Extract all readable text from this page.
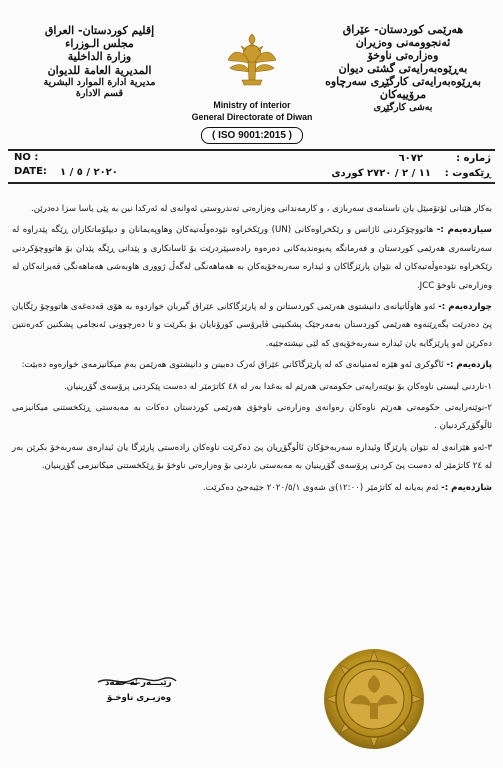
هەرێمی کوردستان- عێراق
ئەنجوومەنی وەزیران
وەزارەتی ناوخۆ
بەڕێوەبەرایەتی گشتی دیوان
بەڕێوەبەرایەتی کارگێڕی سەرچاوە مرۆییەکان
بەشی کارگێڕی
إقليم كوردستان- العراق
مجلس الـوزراء
وزارة الداخلية
المديرية العامة للديوان
مديرية ادارة الموارد البشرية
قسم الادارة
Ministry of interior
General Directorate of Diwan
( ISO 9001:2015 )
NO :	٦٠٧٢	ژمارە :
DATE: ٢٠٢٠ / ٥ / ١	١١ / ٢ / ٢٧٢٠ کوردی ڕێکەوت :

بەکار هێنانی ئۆتۆمبێل یان ناسنامەی سەربازی ، و کارمەندانی وەزارەتی تەندروستی ئەوانەی لە ئەرکدا نین بە پێی یاسا سزا دەدرێن.

سیازدەیەم :- هاتووچۆکردنی ئاژانس و رێکخراوەکانی (UN) ورێکخراوە نێودەوڵەتیەکان وهاوپەیمانان و دیپلۆماتکاران ڕێگە پێدراوە لە سەرتاسەری هەرێمی کوردستان و فەرمانگە پەیوەندیەکانی دەرەوە رادەسپێردرێت بۆ ئاسانکاری و پێدانی ڕێگە پێدان بۆ هاتووچۆکردنی رێکخراوە نێودەوڵەتیەکان لە نێوان پارێزگاکان و ئیدارە سەربەخۆیەکان بە هەماهەنگی لەگەڵ ژوورى هاوبەشی هەماهەنگی قەیرانەکان لە وەزارەتی ناوخۆ JCC.

چواردەیەم :- ئەو هاوڵاتیانەی دانیشتوی هەرێمی کوردستانن و لە پارێزگاکانی عێراق گیربان خواردوە بە هۆی قەدەغەی هاتووچۆ رێگایان پێ دەدرێت بگەڕێنەوە هەرێمی کوردستان بەمەرجێک پشکنینی ڤایرۆسی کورۆنایان بۆ بکرێت و تا دەرچوونی ئەنجامی پشکنین کەرەنتین دەکرێن لەو پارێزگایە یان ئیدارە سەربەخۆیەی کە لێی نیشتەجێیە.

پازدەیەم :- ئاگوکری ئەو هێزە ئەمنیانەی کە لە پارێزگاکانی عێراق ئەرک دەبینن و دانیشتوی هەرێمن بەم میکانیزمەی خوارەوە دەبێت:

١-ناردنی لیستی ناوەکان بۆ نوێنەرایەتی حکومەتی هەرێم لە بەغدا بەر لە ٤٨ کاتژمێر لە دەست پێکردنی پرۆسەی گۆڕینیان.

٢-نوێنەرایەتی حکومەتی هەرێم ناوەکان رەوانەی وەزارەتی ناوخۆی هەرێمی کوردستان دەکات بە مەبەستی ڕێکخستنی میکانیزمی ئاڵوگۆڕکردنیان .

٣-ئەو هێزانەی لە نێوان پارێزگا وئیدارە سەربەخۆکان ئاڵوگۆڕیان پێ دەکرێت ناوەکان رادەستی پارێزگا یان ئیدارەی سەربەخۆ بکرێن بەر لە ٢٤ کاتژمێر لە دەست پێ کردنی پرۆسەی گۆڕینیان بە مەبەستی ناردنی بۆ وەزارەتی ناوخۆ بۆ ڕێکخستنی میکانیزمی گۆڕینیان.

شازدەیەم :- ئەم بەیانە لە کاتژمێر (١٢:٠٠)ی شەوی ٢٠٢٠/٥/١ جێبەجێ دەکرێت.

رێبـــەر ئە حمەد
وەزیـری ناوخـۆ
